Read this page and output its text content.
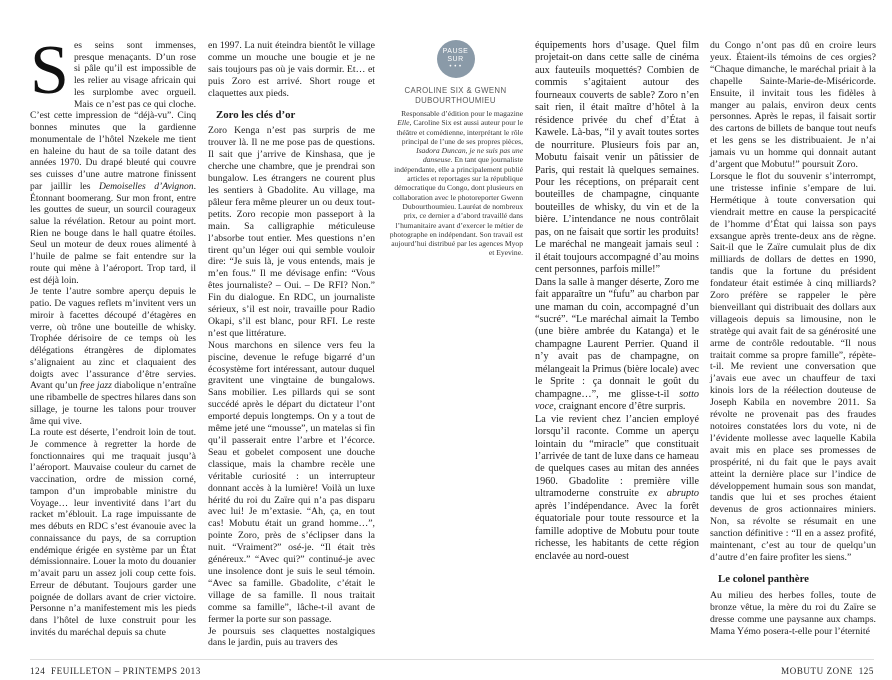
Ses seins sont immenses, presque menaçants. D’un rose si pâle qu’il est impossible de les relier au visage africain qui les surplombe avec orgueil. Mais ce n’est pas ce qui cloche. C’est cette impression de “déjà-vu”. Cinq bonnes minutes que la gardienne monumentale de l’hôtel Nzekele me tient en haleine du haut de sa toile datant des années 1970. Du drapé bleuté qui couvre ses cuisses d’une autre matrone finissent par jaillir les Demoiselles d’Avignon. Étonnant boomerang. Sur mon front, entre les gouttes de sueur, un sourcil courageux salue la révélation. Retour au point mort. Rien ne bouge dans le hall quatre étoiles. Seul un moteur de deux roues alimenté à l’huile de palme se fait entendre sur la route qui mène à l’aéroport. Trop tard, il est déjà loin.

Je tente l’autre sombre aperçu depuis le patio. De vagues reflets m’invitent vers un miroir à facettes découpé d’étagères en verre, où trône une bouteille de whisky. Trophée dérisoire de ce temps où les délégations étrangères de diplomates s’alignaient au zinc et claquaient des doigts avec l’assurance d’être servies. Avant qu’un free jazz diabolique n’entraîne une ribambelle de spectres hilares dans son sillage, je tourne les talons pour trouver âme qui vive.

La route est déserte, l’endroit loin de tout. Je commence à regretter la horde de fonctionnaires qui me traquait jusqu’à l’aéroport. Mauvaise couleur du carnet de vaccination, ordre de mission corné, tampon d’un improbable ministre du Voyage… leur inventivité dans l’art du racket m’éblouit. La rage impuissante de mes débuts en RDC s’est évanouie avec la connaissance du pays, de sa corruption endémique érigée en système par un État démissionnaire. Louer la moto du douanier m’avait paru un assez joli coup cette fois. Erreur de débutant. Toujours garder une poignée de dollars avant de crier victoire. Personne n’a manifestement mis les pieds dans l’hôtel de luxe construit pour les invités du maréchal depuis sa chute

en 1997. La nuit éteindra bientôt le village comme un mouche une bougie et je ne sais toujours pas où je vais dormir. Et… et puis Zoro est arrivé. Short rouge et claquettes aux pieds.

Zoro les clés d’or

Zoro Kenga n’est pas surpris de me trouver là. Il ne me pose pas de questions. Il sait que j’arrive de Kinshasa, que je cherche une chambre, que je prendrai son bungalow. Les étrangers ne courent plus les sentiers à Gbadolite. Au village, ma pâleur fera même pleurer un ou deux tout-petits. Zoro recopie mon passeport à la main. Sa calligraphie méticuleuse l’absorbe tout entier. Mes questions n’en tirent qu’un léger oui qui semble vouloir dire: “Je suis là, je vous entends, mais je m’en fous.” Il me dévisage enfin: “Vous êtes journaliste? – Oui. – De RFI? Non.” Fin du dialogue. En RDC, un journaliste sérieux, s’il est noir, travaille pour Radio Okapi, s’il est blanc, pour RFI. Le reste n’est que littérature.

Nous marchons en silence vers feu la piscine, devenue le refuge bigarré d’un écosystème fort intéressant, autour duquel gravitent une vingtaine de bungalows. Sans mobilier. Les pillards qui se sont succédé après le départ du dictateur l’ont emporté depuis longtemps. On y a tout de même jeté une “mousse”, un matelas si fin qu’il passerait entre l’arbre et l’écorce. Seau et gobelet composent une douche classique, mais la chambre recèle une véritable curiosité : un interrupteur donnant accès à la lumière! Voilà un luxe hérité du roi du Zaïre qui n’a pas disparu avec lui! Je m’extasie. “Ah, ça, en tout cas! Mobutu était un grand homme…”, pointe Zoro, près de s’éclipser dans la nuit. “Vraiment?” osé-je. “Il était très généreux.” “Avec qui?” continué-je avec une insolence dont je suis le seul témoin. “Avec sa famille. Gbadolite, c’était le village de sa famille. Il nous traitait comme sa famille”, lâche-t-il avant de fermer la porte sur son passage.

Je poursuis ses claquettes nostalgiques dans le jardin, puis au travers des

PAUSE
SUR
• • •
CAROLINE SIX & GWENN DUBOURTHOUMIEU
Responsable d’édition pour le magazine Elle, Caroline Six est aussi auteur pour le théâtre et comédienne, interprétant le rôle principal de l’une de ses propres pièces, Isadora Duncan, je ne suis pas une danseuse. En tant que journaliste indépendante, elle a principalement publié articles et reportages sur la république démocratique du Congo, dont plusieurs en collaboration avec le photoreporter Gwenn Dubourthoumieu. Lauréat de nombreux prix, ce dernier a d’abord travaillé dans l’humanitaire avant d’exercer le métier de photographe en indépendant. Son travail est aujourd’hui distribué par les agences Myop et Eyevine.

équipements hors d’usage. Quel film projetait-on dans cette salle de cinéma aux fauteuils moquettés? Combien de commis s’agitaient autour des fourneaux couverts de sable? Zoro n’en sait rien, il était maître d’hôtel à la résidence privée du chef d’État à Kawele. Là-bas, “il y avait toutes sortes de nourriture. Plusieurs fois par an, Mobutu faisait venir un pâtissier de Paris, qui restait là quelques semaines. Pour les réceptions, on préparait cent bouteilles de champagne, cinquante bouteilles de whisky, du vin et de la bière. L’intendance ne nous contrôlait pas, on ne faisait que sortir les produits! Le maréchal ne mangeait jamais seul : il était toujours accompagné d’au moins cent personnes, parfois mille!”

Dans la salle à manger déserte, Zoro me fait apparaître un “fufu” au charbon par une maman du coin, accompagné d’un “sucré”. “Le maréchal aimait la Tembo (une bière ambrée du Katanga) et le champagne Laurent Perrier. Quand il n’y avait pas de champagne, on mélangeait la Primus (bière locale) avec le Sprite : ça donnait le goût du champagne…”, me glisse-t-il sotto voce, craignant encore d’être surpris.

La vie revient chez l’ancien employé lorsqu’il raconte. Comme un aperçu lointain du “miracle” que constituait l’arrivée de tant de luxe dans ce hameau de quelques cases au mitan des années 1960. Gbadolite : première ville ultramoderne construite ex abrupto après l’indépendance. Avec la forêt équatoriale pour toute ressource et la famille adoptive de Mobutu pour toute richesse, les habitants de cette région enclavée au nord-ouest

du Congo n’ont pas dû en croire leurs yeux. Étaient-ils témoins de ces orgies? “Chaque dimanche, le maréchal priait à la chapelle Sainte-Marie-de-Miséricorde. Ensuite, il invitait tous les fidèles à manger au palais, environ deux cents personnes. Après le repas, il faisait sortir des cartons de billets de banque tout neufs et les gens se les distribuaient. Je n’ai jamais vu un homme qui donnait autant d’argent que Mobutu!” poursuit Zoro.

Lorsque le flot du souvenir s’interrompt, une tristesse infinie s’empare de lui. Hermétique à toute conversation qui viendrait mettre en cause la perspicacité de l’homme d’État qui laissa son pays exsangue après trente-deux ans de règne. Sait-il que le Zaïre cumulait plus de dix milliards de dollars de dettes en 1990, tandis que la fortune du président fondateur était estimée à cinq milliards? Zoro préfère se rappeler le père bienveillant qui distribuait des dollars aux villageois depuis sa limousine, non le stratège qui avait fait de sa générosité une arme de contrôle redoutable. “Il nous traitait comme sa propre famille”, répète-t-il. Me revient une conversation que j’avais eue avec un chauffeur de taxi kinois lors de la réélection douteuse de Joseph Kabila en novembre 2011. Sa révolte ne provenait pas des fraudes notoires constatées lors du vote, ni de l’évidente mollesse avec laquelle Kabila avait mis en place ses promesses de prospérité, ni du fait que le pays avait atteint la dernière place sur l’indice de développement humain sous son mandat, tandis que lui et ses proches étaient devenus de gros actionnaires miniers. Non, sa révolte se résumait en une sanction définitive : “Il en a assez profité, maintenant, c’est au tour de quelqu’un d’autre d’en faire profiter les siens.”

Le colonel panthère

Au milieu des herbes folles, toute de bronze vêtue, la mère du roi du Zaïre se dresse comme une paysanne aux champs. Mama Yémo posera-t-elle pour l’éternité

124 FEUILLETON – PRINTEMPS 2013	MOBUTU ZONE 125
